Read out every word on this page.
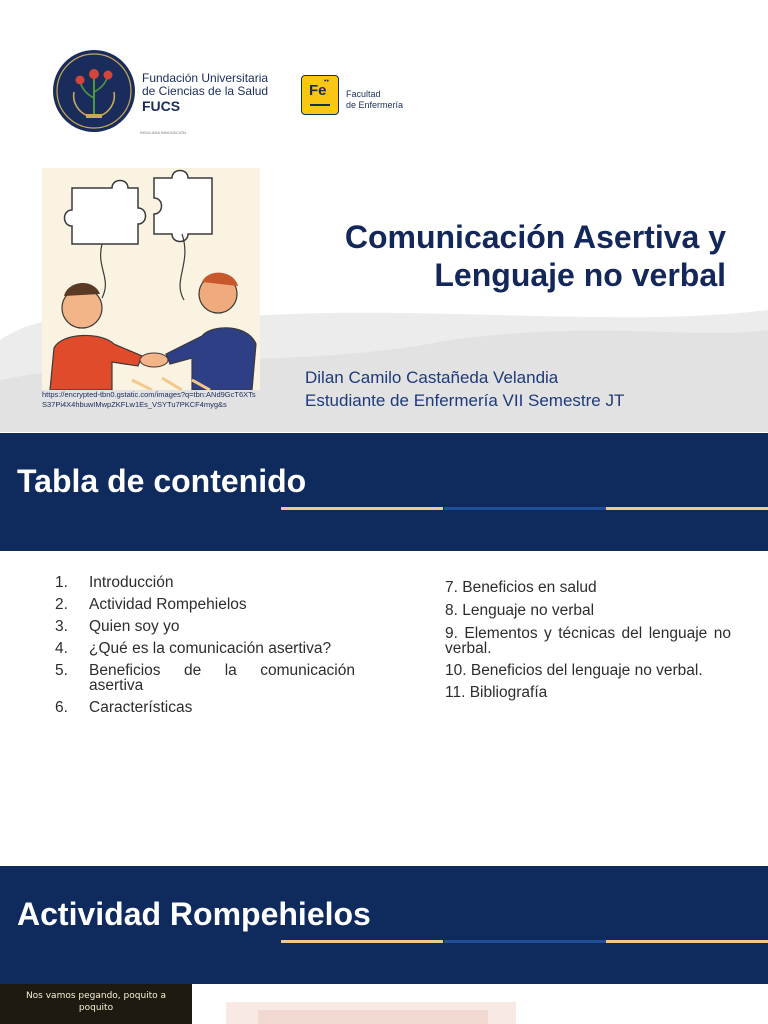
Fundación Universitaria
de Ciencias de la Salud
FUCS
INSULANA INNOVACIÓN
••
Fe Facultad
de Enfermería
https://encrypted-tbn0.gstatic.com/images?q=tbn:ANd9GcT6XTsS37Pi4X4hbuwIMwpZKFLw1Es_VSYTu7PKCF4myg&s
Comunicación Asertiva y
Lenguaje no verbal
Dilan Camilo Castañeda Velandia
Estudiante de Enfermería VII Semestre JT
Tabla de contenido
1.	Introducción
2.	Actividad Rompehielos
3.	Quien soy yo
4.	¿Qué es la comunicación asertiva?
5.	Beneficios de la comunicación asertiva
6.	Características
7. Beneficios en salud
8. Lenguaje no verbal
9. Elementos y técnicas del lenguaje no verbal.
10. Beneficios del lenguaje no verbal.
11. Bibliografía
Actividad Rompehielos
Nos vamos pegando, poquito a
poquito
